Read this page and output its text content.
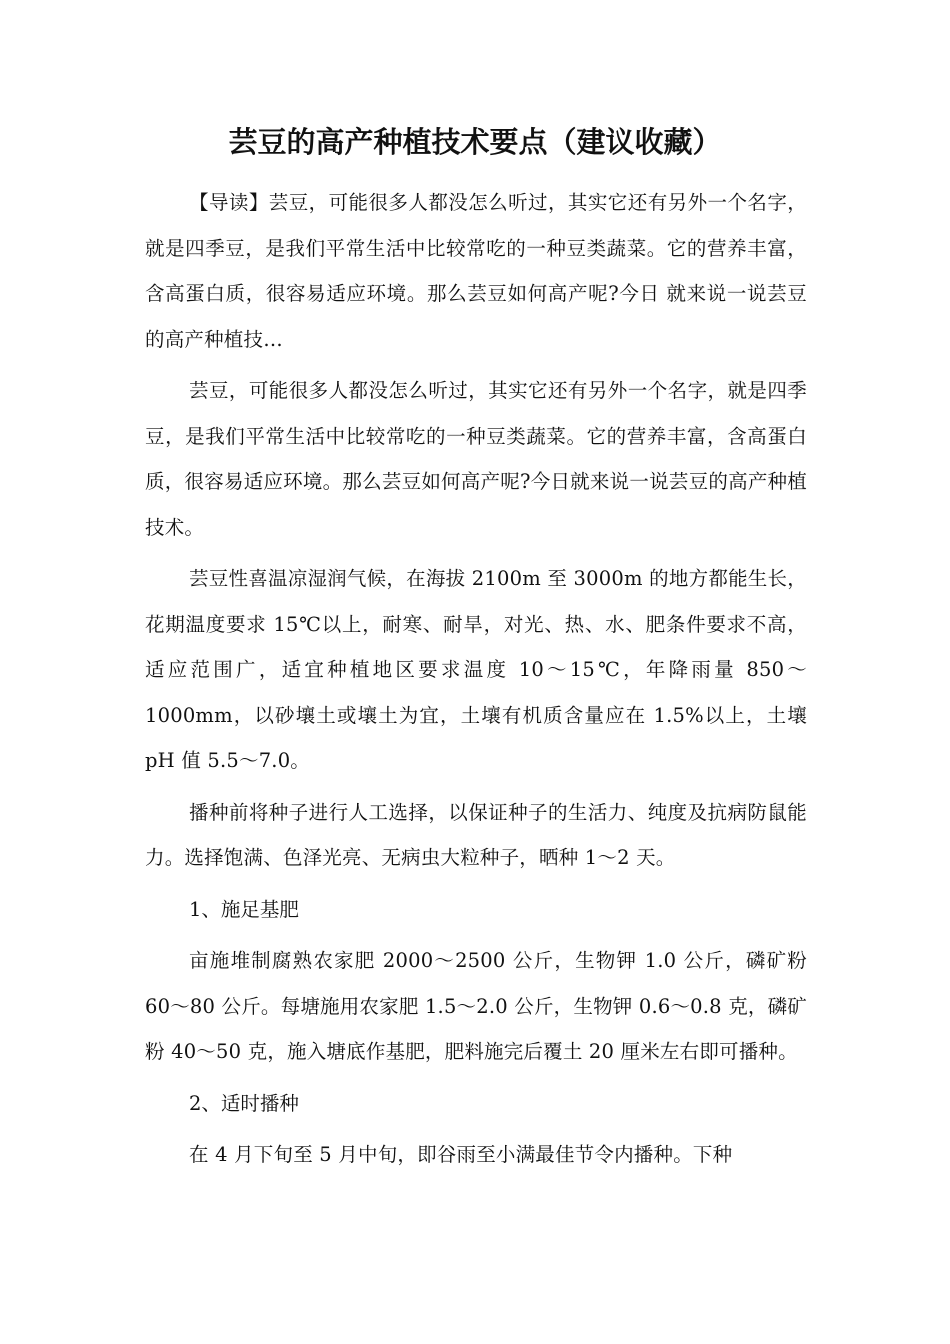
芸豆的高产种植技术要点（建议收藏）

【导读】芸豆，可能很多人都没怎么听过，其实它还有另外一个名字，就是四季豆，是我们平常生活中比较常吃的一种豆类蔬菜。它的营养丰富，含高蛋白质，很容易适应环境。那么芸豆如何高产呢?今日 就来说一说芸豆的高产种植技…

芸豆，可能很多人都没怎么听过，其实它还有另外一个名字，就是四季豆，是我们平常生活中比较常吃的一种豆类蔬菜。它的营养丰富，含高蛋白质，很容易适应环境。那么芸豆如何高产呢?今日就来说一说芸豆的高产种植技术。

芸豆性喜温凉湿润气候，在海拔 2100m 至 3000m 的地方都能生长，花期温度要求 15℃以上，耐寒、耐旱，对光、热、水、肥条件要求不高，适应范围广，适宜种植地区要求温度 10～15℃，年降雨量 850～1000mm，以砂壤土或壤土为宜，土壤有机质含量应在 1.5%以上，土壤 pH 值 5.5～7.0。

播种前将种子进行人工选择，以保证种子的生活力、纯度及抗病防鼠能力。选择饱满、色泽光亮、无病虫大粒种子，晒种 1～2 天。

1、施足基肥

亩施堆制腐熟农家肥 2000～2500 公斤，生物钾 1.0 公斤，磷矿粉 60～80 公斤。每塘施用农家肥 1.5～2.0 公斤，生物钾 0.6～0.8 克，磷矿粉 40～50 克，施入塘底作基肥，肥料施完后覆土 20 厘米左右即可播种。

2、适时播种

在 4 月下旬至 5 月中旬，即谷雨至小满最佳节令内播种。下种
